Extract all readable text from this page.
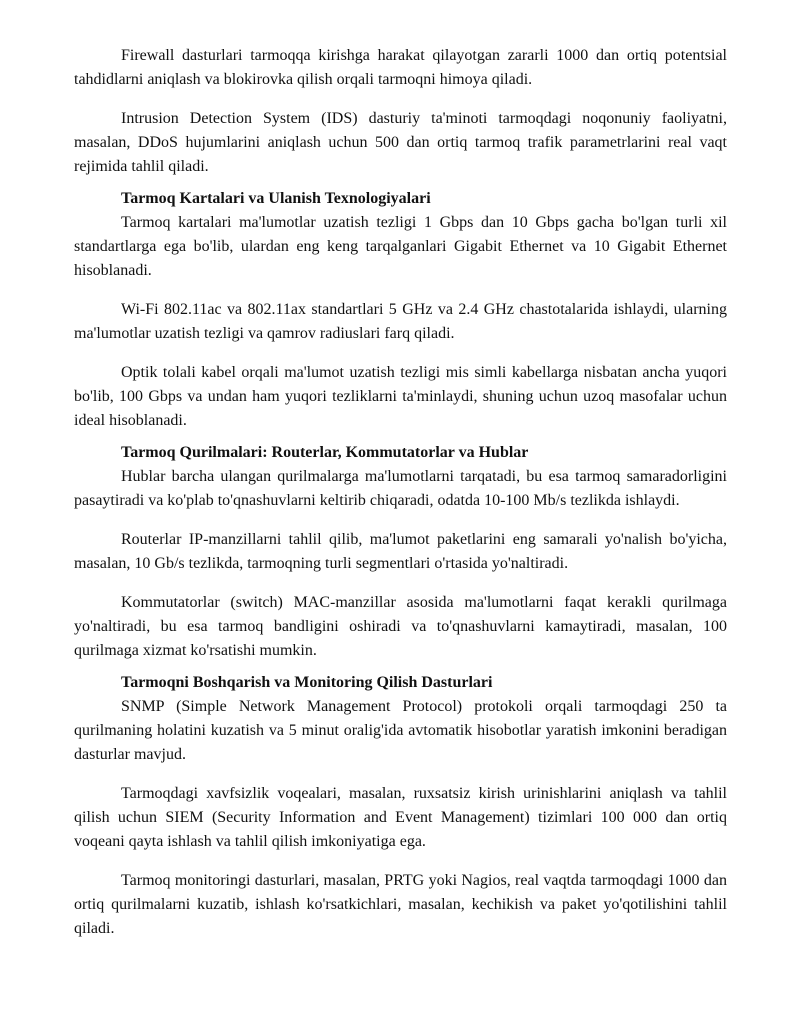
Firewall dasturlari tarmoqqa kirishga harakat qilayotgan zararli 1000 dan ortiq potentsial tahdidlarni aniqlash va blokirovka qilish orqali tarmoqni himoya qiladi.

Intrusion Detection System (IDS) dasturiy ta'minoti tarmoqdagi noqonuniy faoliyatni, masalan, DDoS hujumlarini aniqlash uchun 500 dan ortiq tarmoq trafik parametrlarini real vaqt rejimida tahlil qiladi.

Tarmoq Kartalari va Ulanish Texnologiyalari

Tarmoq kartalari ma'lumotlar uzatish tezligi 1 Gbps dan 10 Gbps gacha bo'lgan turli xil standartlarga ega bo'lib, ulardan eng keng tarqalganlari Gigabit Ethernet va 10 Gigabit Ethernet hisoblanadi.

Wi-Fi 802.11ac va 802.11ax standartlari 5 GHz va 2.4 GHz chastotalarida ishlaydi, ularning ma'lumotlar uzatish tezligi va qamrov radiuslari farq qiladi.

Optik tolali kabel orqali ma'lumot uzatish tezligi mis simli kabellarga nisbatan ancha yuqori bo'lib, 100 Gbps va undan ham yuqori tezliklarni ta'minlaydi, shuning uchun uzoq masofalar uchun ideal hisoblanadi.

Tarmoq Qurilmalari: Routerlar, Kommutatorlar va Hublar

Hublar barcha ulangan qurilmalarga ma'lumotlarni tarqatadi, bu esa tarmoq samaradorligini pasaytiradi va ko'plab to'qnashuvlarni keltirib chiqaradi, odatda 10-100 Mb/s tezlikda ishlaydi.

Routerlar IP-manzillarni tahlil qilib, ma'lumot paketlarini eng samarali yo'nalish bo'yicha, masalan, 10 Gb/s tezlikda, tarmoqning turli segmentlari o'rtasida yo'naltiradi.

Kommutatorlar (switch) MAC-manzillar asosida ma'lumotlarni faqat kerakli qurilmaga yo'naltiradi, bu esa tarmoq bandligini oshiradi va to'qnashuvlarni kamaytiradi, masalan, 100 qurilmaga xizmat ko'rsatishi mumkin.

Tarmoqni Boshqarish va Monitoring Qilish Dasturlari

SNMP (Simple Network Management Protocol) protokoli orqali tarmoqdagi 250 ta qurilmaning holatini kuzatish va 5 minut oralig'ida avtomatik hisobotlar yaratish imkonini beradigan dasturlar mavjud.

Tarmoqdagi xavfsizlik voqealari, masalan, ruxsatsiz kirish urinishlarini aniqlash va tahlil qilish uchun SIEM (Security Information and Event Management) tizimlari 100 000 dan ortiq voqeani qayta ishlash va tahlil qilish imkoniyatiga ega.

Tarmoq monitoringi dasturlari, masalan, PRTG yoki Nagios, real vaqtda tarmoqdagi 1000 dan ortiq qurilmalarni kuzatib, ishlash ko'rsatkichlari, masalan, kechikish va paket yo'qotilishini tahlil qiladi.
